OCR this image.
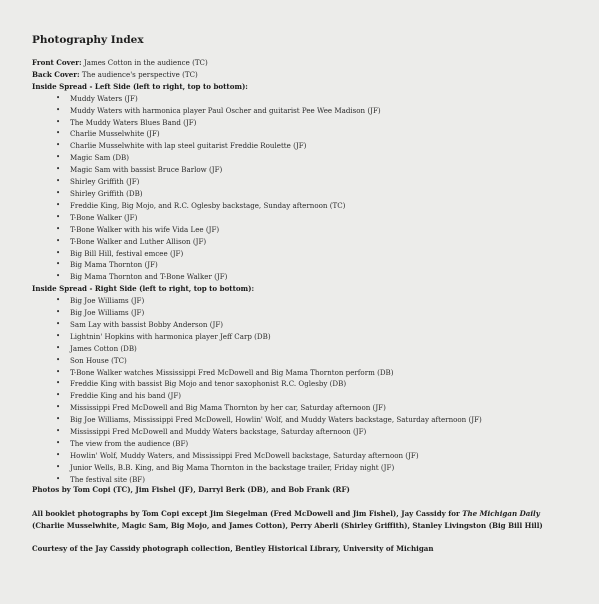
Photography Index
Front Cover: James Cotton in the audience (TC)
Back Cover: The audience's perspective (TC)
Inside Spread - Left Side (left to right, top to bottom):
• Muddy Waters (JF)
• Muddy Waters with harmonica player Paul Oscher and guitarist Pee Wee Madison (JF)
• The Muddy Waters Blues Band (JF)
• Charlie Musselwhite (JF)
• Charlie Musselwhite with lap steel guitarist Freddie Roulette (JF)
• Magic Sam (DB)
• Magic Sam with bassist Bruce Barlow (JF)
• Shirley Griffith (JF)
• Shirley Griffith (DB)
• Freddie King, Big Mojo, and R.C. Oglesby backstage, Sunday afternoon (TC)
• T-Bone Walker (JF)
• T-Bone Walker with his wife Vida Lee (JF)
• T-Bone Walker and Luther Allison (JF)
• Big Bill Hill, festival emcee (JF)
• Big Mama Thornton (JF)
• Big Mama Thornton and T-Bone Walker (JF)
Inside Spread - Right Side (left to right, top to bottom):
• Big Joe Williams (JF)
• Big Joe Williams (JF)
• Sam Lay with bassist Bobby Anderson (JF)
• Lightnin' Hopkins with harmonica player Jeff Carp (DB)
• James Cotton (DB)
• Son House (TC)
• T-Bone Walker watches Mississippi Fred McDowell and Big Mama Thornton perform (DB)
• Freddie King with bassist Big Mojo and tenor saxophonist R.C. Oglesby (DB)
• Freddie King and his band (JF)
• Mississippi Fred McDowell and Big Mama Thornton by her car, Saturday afternoon (JF)
• Big Joe Williams, Mississippi Fred McDowell, Howlin' Wolf, and Muddy Waters backstage, Saturday afternoon (JF)
• Mississippi Fred McDowell and Muddy Waters backstage, Saturday afternoon (JF)
• The view from the audience (BF)
• Howlin' Wolf, Muddy Waters, and Mississippi Fred McDowell backstage, Saturday afternoon (JF)
• Junior Wells, B.B. King, and Big Mama Thornton in the backstage trailer, Friday night (JF)
• The festival site (BF)

Photos by Tom Copi (TC), Jim Fishel (JF), Darryl Berk (DB), and Bob Frank (RF)

All booklet photographs by Tom Copi except Jim Siegelman (Fred McDowell and Jim Fishel), Jay Cassidy for The Michigan Daily

(Charlie Musselwhite, Magic Sam, Big Mojo, and James Cotton), Perry Aberli (Shirley Griffith), Stanley Livingston (Big Bill Hill)

Courtesy of the Jay Cassidy photograph collection, Bentley Historical Library, University of Michigan
